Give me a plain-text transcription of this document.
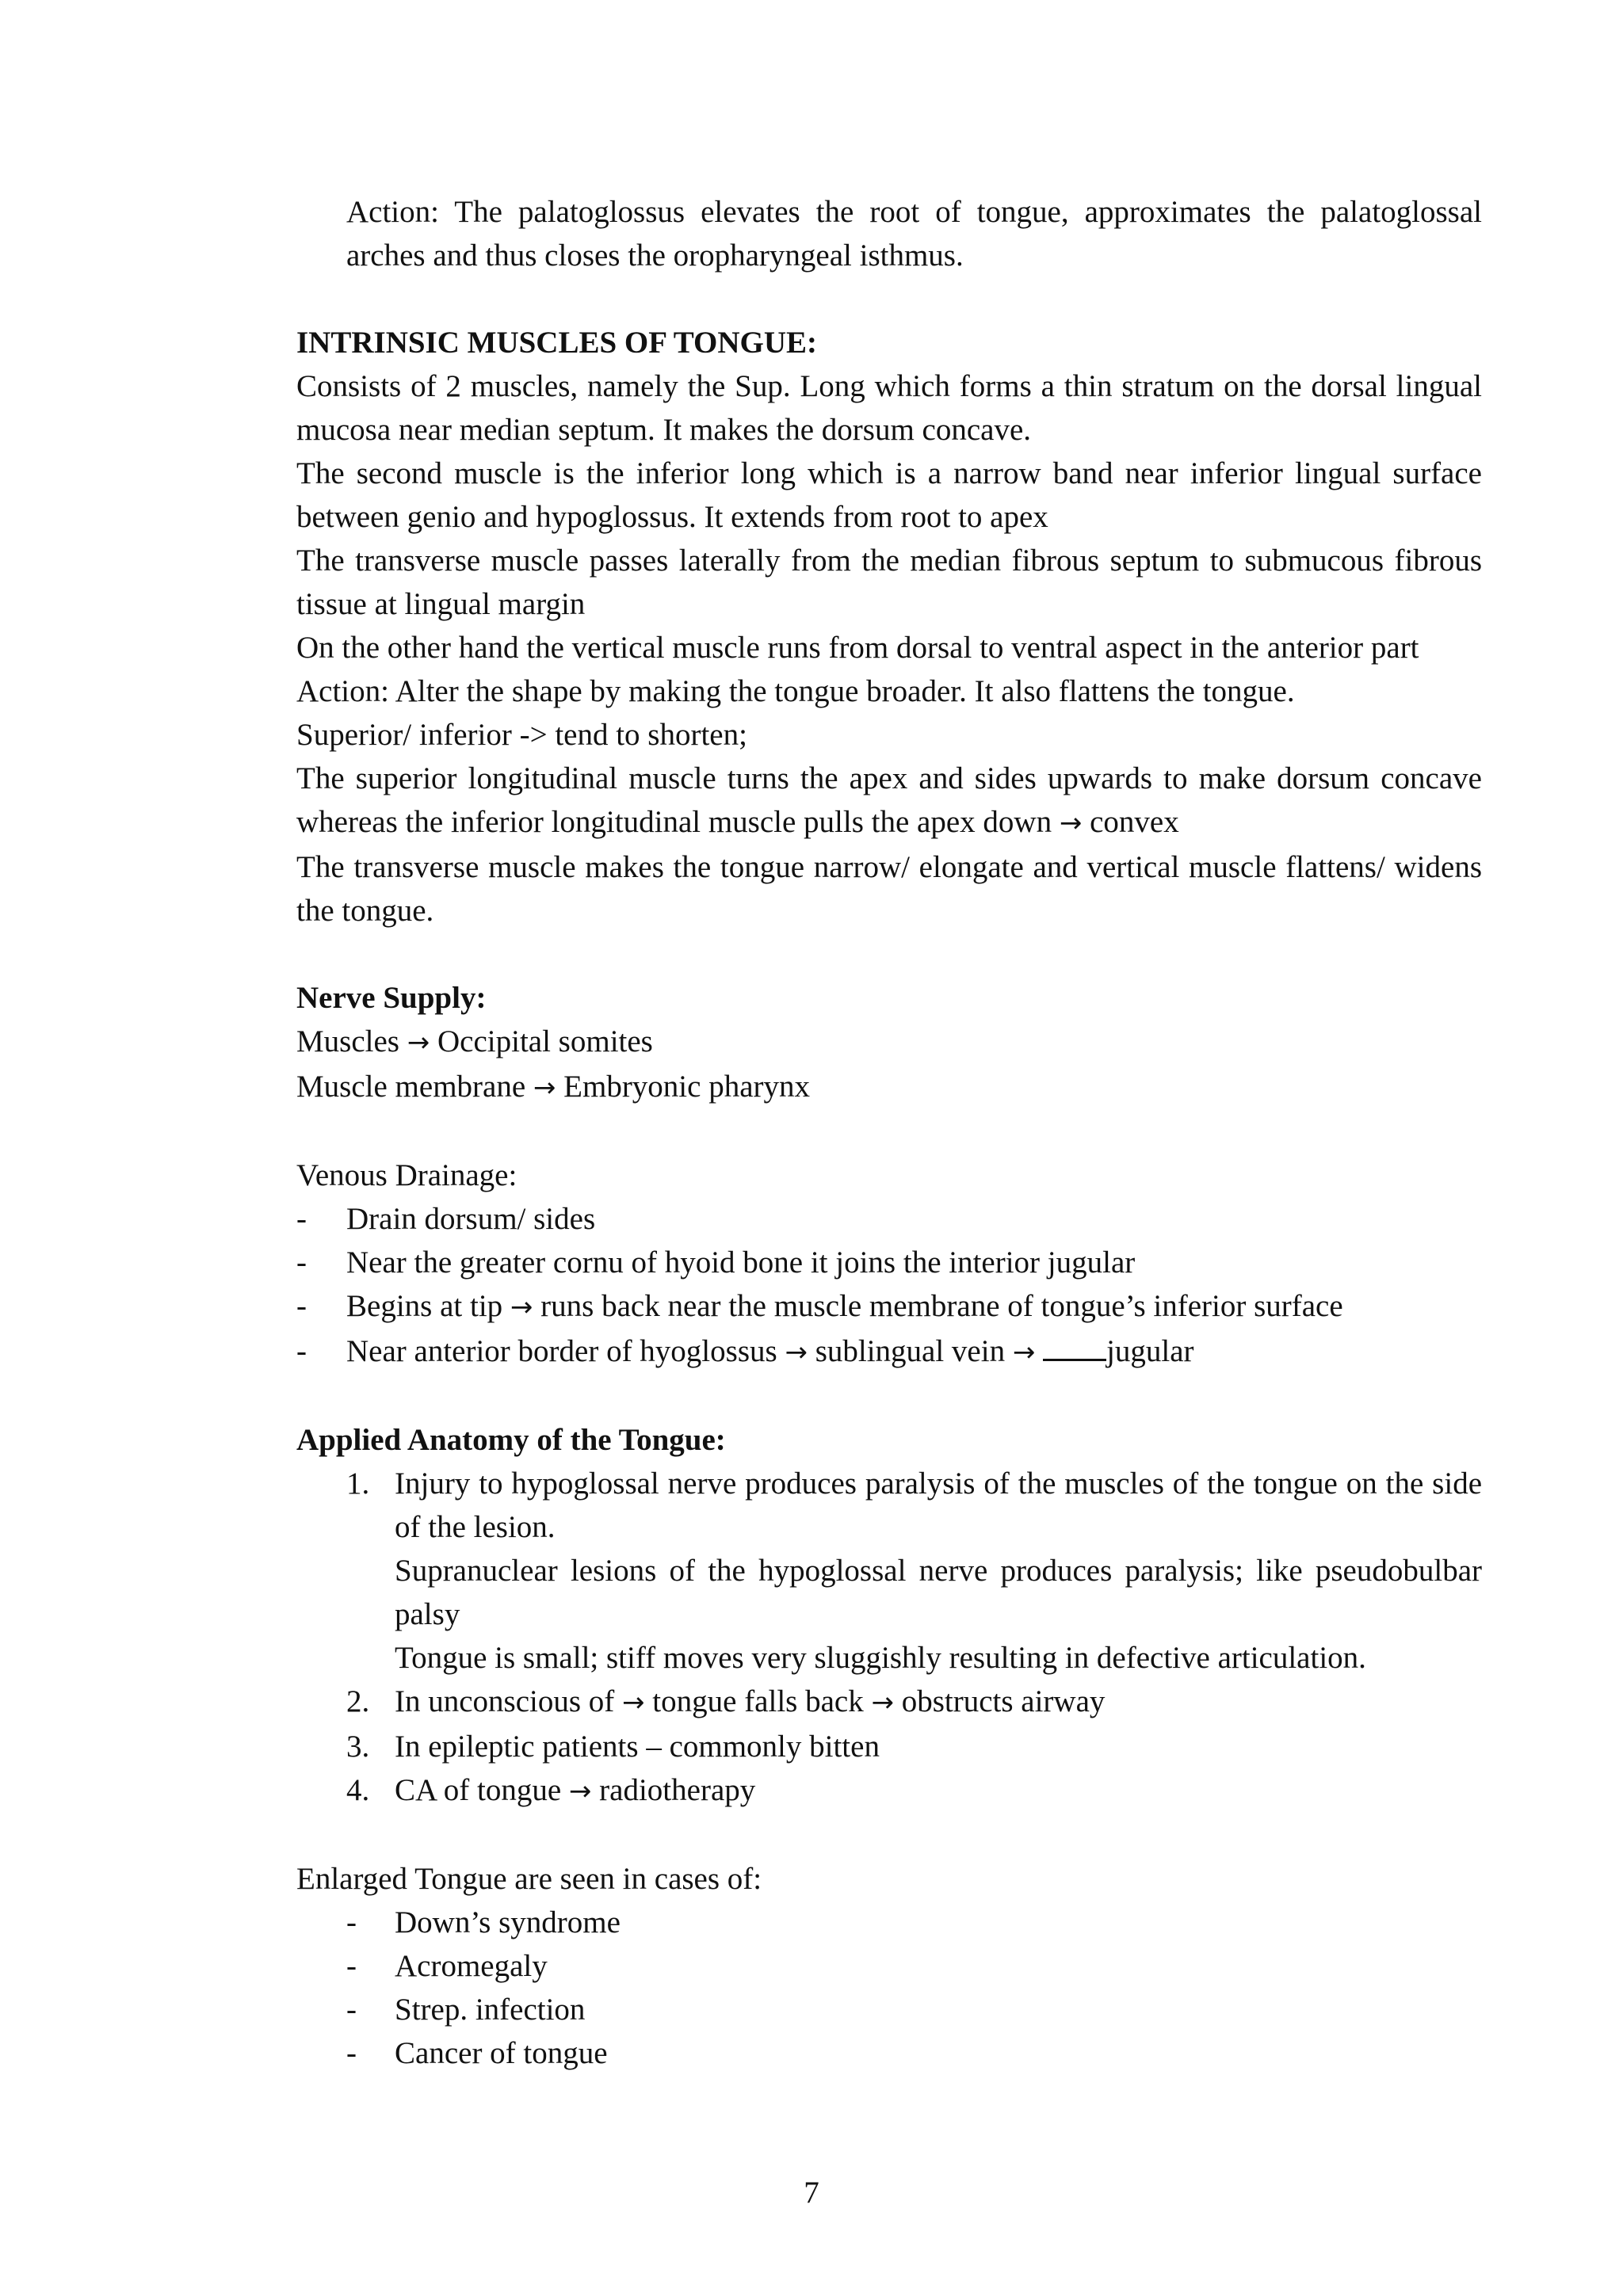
Action: The palatoglossus elevates the root of tongue, approximates the palatoglossal arches and thus closes the oropharyngeal isthmus.

INTRINSIC MUSCLES OF TONGUE:

Consists of 2 muscles, namely the Sup. Long which forms a thin stratum on the dorsal lingual mucosa near median septum. It makes the dorsum concave.

The second muscle is the inferior long which is a narrow band near inferior lingual surface between genio and hypoglossus. It extends from root to apex

The transverse muscle passes laterally from the median fibrous septum to submucous fibrous tissue at lingual margin

On the other hand the vertical muscle runs from dorsal to ventral aspect in the anterior part

Action: Alter the shape by making the tongue broader. It also flattens the tongue.

Superior/ inferior -> tend to shorten;

The superior longitudinal muscle turns the apex and sides upwards to make dorsum concave whereas the inferior longitudinal muscle pulls the apex down → convex

The transverse muscle makes the tongue narrow/ elongate and vertical muscle flattens/ widens the tongue.

Nerve Supply:

Muscles → Occipital somites

Muscle membrane → Embryonic pharynx

Venous Drainage:

- Drain dorsum/ sides
- Near the greater cornu of hyoid bone it joins the interior jugular
- Begins at tip → runs back near the muscle membrane of tongue’s inferior surface
- Near anterior border of hyoglossus → sublingual vein → jugular
Applied Anatomy of the Tongue:
1. Injury to hypoglossal nerve produces paralysis of the muscles of the tongue on the side of the lesion.

Supranuclear lesions of the hypoglossal nerve produces paralysis; like pseudobulbar palsy

Tongue is small; stiff moves very sluggishly resulting in defective articulation.

2. In unconscious of → tongue falls back → obstructs airway
3. In epileptic patients – commonly bitten
4. CA of tongue → radiotherapy

Enlarged Tongue are seen in cases of:

- Down’s syndrome
- Acromegaly
- Strep. infection
- Cancer of tongue
7
